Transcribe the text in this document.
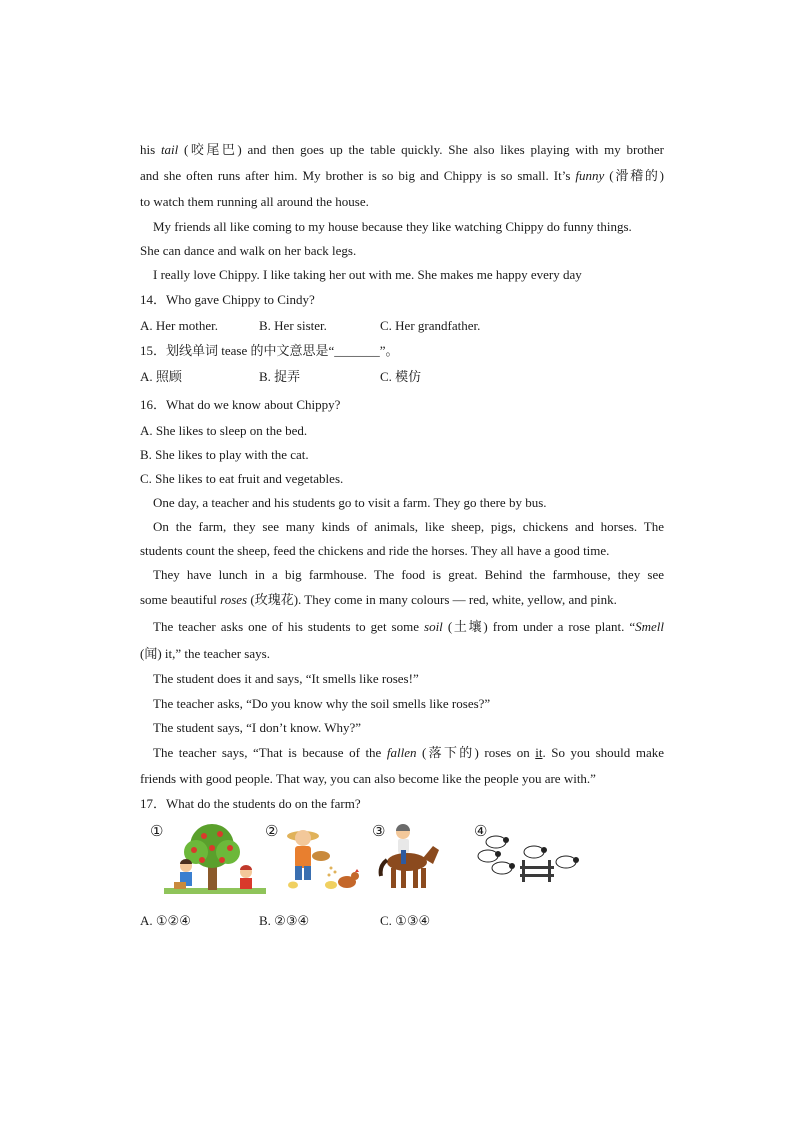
his tail (咬尾巴) and then goes up the table quickly. She also likes playing with my brother
and she often runs after him. My brother is so big and Chippy is so small. It’s funny (滑稽的)
to watch them running all around the house.
My friends all like coming to my house because they like watching Chippy do funny things.
She can dance and walk on her back legs.
I really love Chippy. I like taking her out with me. She makes me happy every day
14．Who gave Chippy to Cindy?
A. Her mother.	B. Her sister.	C. Her grandfather.
15．划线单词 tease 的中文意思是“_______”。
A. 照顾	B. 捉弄	C. 模仿
16．What do we know about Chippy?
A. She likes to sleep on the bed.
B. She likes to play with the cat.
C. She likes to eat fruit and vegetables.
One day, a teacher and his students go to visit a farm. They go there by bus.
On the farm, they see many kinds of animals, like sheep, pigs, chickens and horses. The
students count the sheep, feed the chickens and ride the horses. They all have a good time.
They have lunch in a big farmhouse. The food is great. Behind the farmhouse, they see
some beautiful roses (玫瑰花). They come in many colours — red, white, yellow, and pink.
The teacher asks one of his students to get some soil (土壤) from under a rose plant. “Smell
(闻) it,” the teacher says.
The student does it and says, “It smells like roses!”
The teacher asks, “Do you know why the soil smells like roses?”
The student says, “I don’t know. Why?”
The teacher says, “That is because of the fallen (落下的) roses on it. So you should make
friends with good people. That way, you can also become like the people you are with.”
17．What do the students do on the farm?
①	②	③	④
A. ①②④	B. ②③④	C. ①③④
